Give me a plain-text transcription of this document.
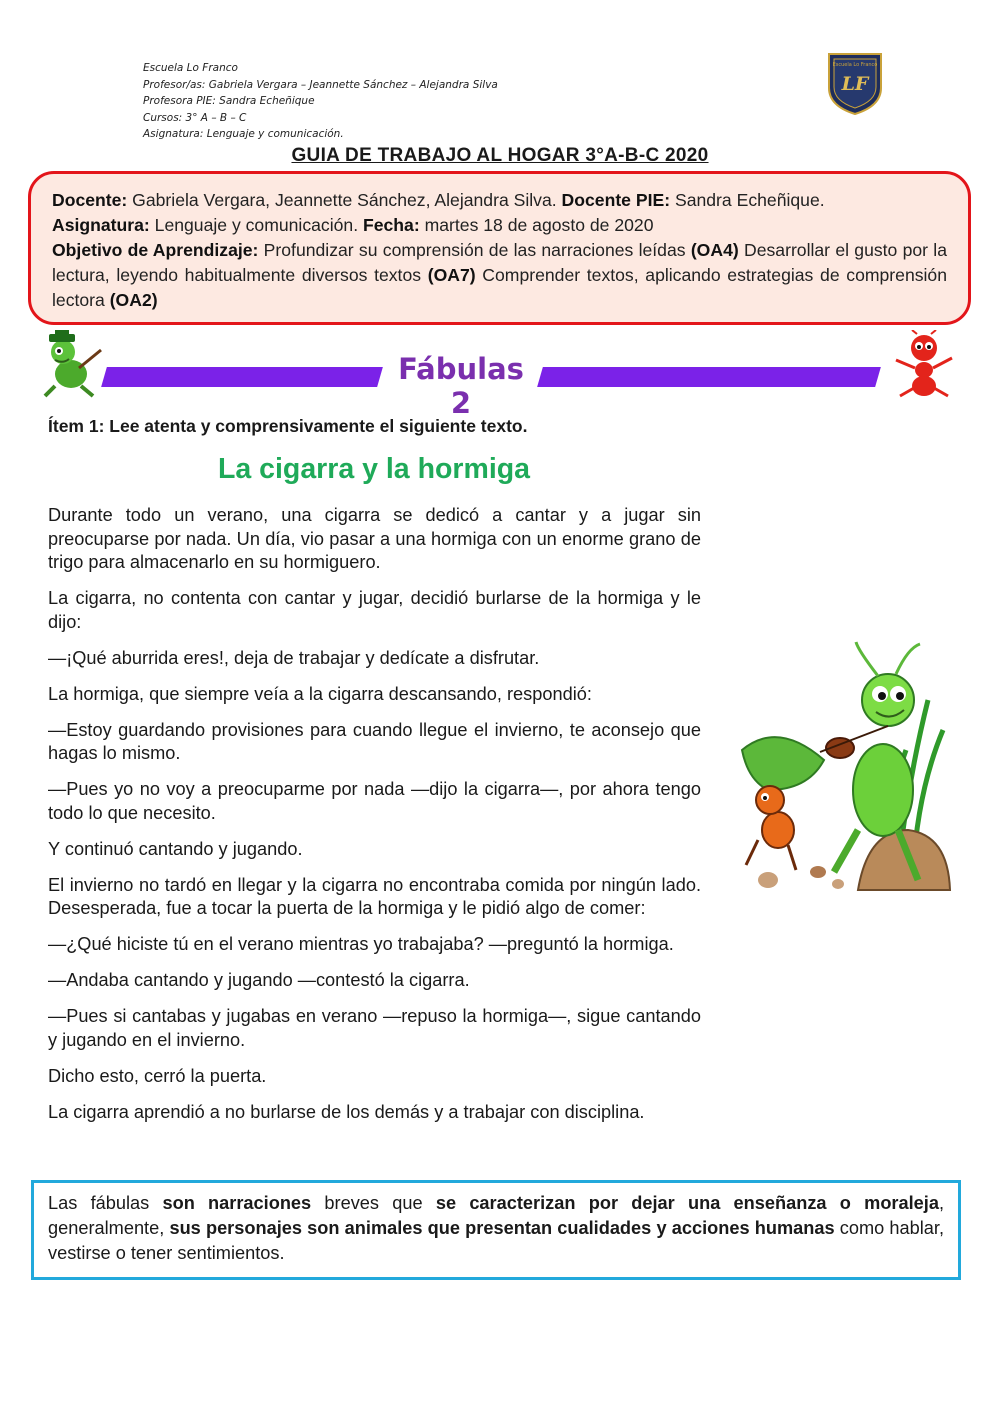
Escuela Lo Franco
Profesor/as: Gabriela Vergara – Jeannette Sánchez – Alejandra Silva
Profesora PIE: Sandra Echeñique
Cursos: 3° A – B – C
Asignatura: Lenguaje y comunicación.
Escuela Lo Franco
LF
GUIA DE TRABAJO AL HOGAR 3°A-B-C 2020

Docente: Gabriela Vergara, Jeannette Sánchez, Alejandra Silva. Docente PIE: Sandra Echeñique.

Asignatura: Lenguaje y comunicación. Fecha: martes 18 de agosto de 2020

Objetivo de Aprendizaje: Profundizar su comprensión de las narraciones leídas (OA4) Desarrollar el gusto por la lectura, leyendo habitualmente diversos textos (OA7) Comprender textos, aplicando estrategias de comprensión lectora (OA2)

Fábulas 2
Ítem 1: Lee atenta y comprensivamente el siguiente texto.
La cigarra y la hormiga

Durante todo un verano, una cigarra se dedicó a cantar y a jugar sin preocuparse por nada. Un día, vio pasar a una hormiga con un enorme grano de trigo para almacenarlo en su hormiguero.

La cigarra, no contenta con cantar y jugar, decidió burlarse de la hormiga y le dijo:

—¡Qué aburrida eres!, deja de trabajar y dedícate a disfrutar.

La hormiga, que siempre veía a la cigarra descansando, respondió:

—Estoy guardando provisiones para cuando llegue el invierno, te aconsejo que hagas lo mismo.

—Pues yo no voy a preocuparme por nada —dijo la cigarra—, por ahora tengo todo lo que necesito.

Y continuó cantando y jugando.

El invierno no tardó en llegar y la cigarra no encontraba comida por ningún lado. Desesperada, fue a tocar la puerta de la hormiga y le pidió algo de comer:

—¿Qué hiciste tú en el verano mientras yo trabajaba? —preguntó la hormiga.

—Andaba cantando y jugando —contestó la cigarra.

—Pues si cantabas y jugabas en verano —repuso la hormiga—, sigue cantando y jugando en el invierno.

Dicho esto, cerró la puerta.

La cigarra aprendió a no burlarse de los demás y a trabajar con disciplina.

Las fábulas son narraciones breves que se caracterizan por dejar una enseñanza o moraleja, generalmente, sus personajes son animales que presentan cualidades y acciones humanas como hablar, vestirse o tener sentimientos.
